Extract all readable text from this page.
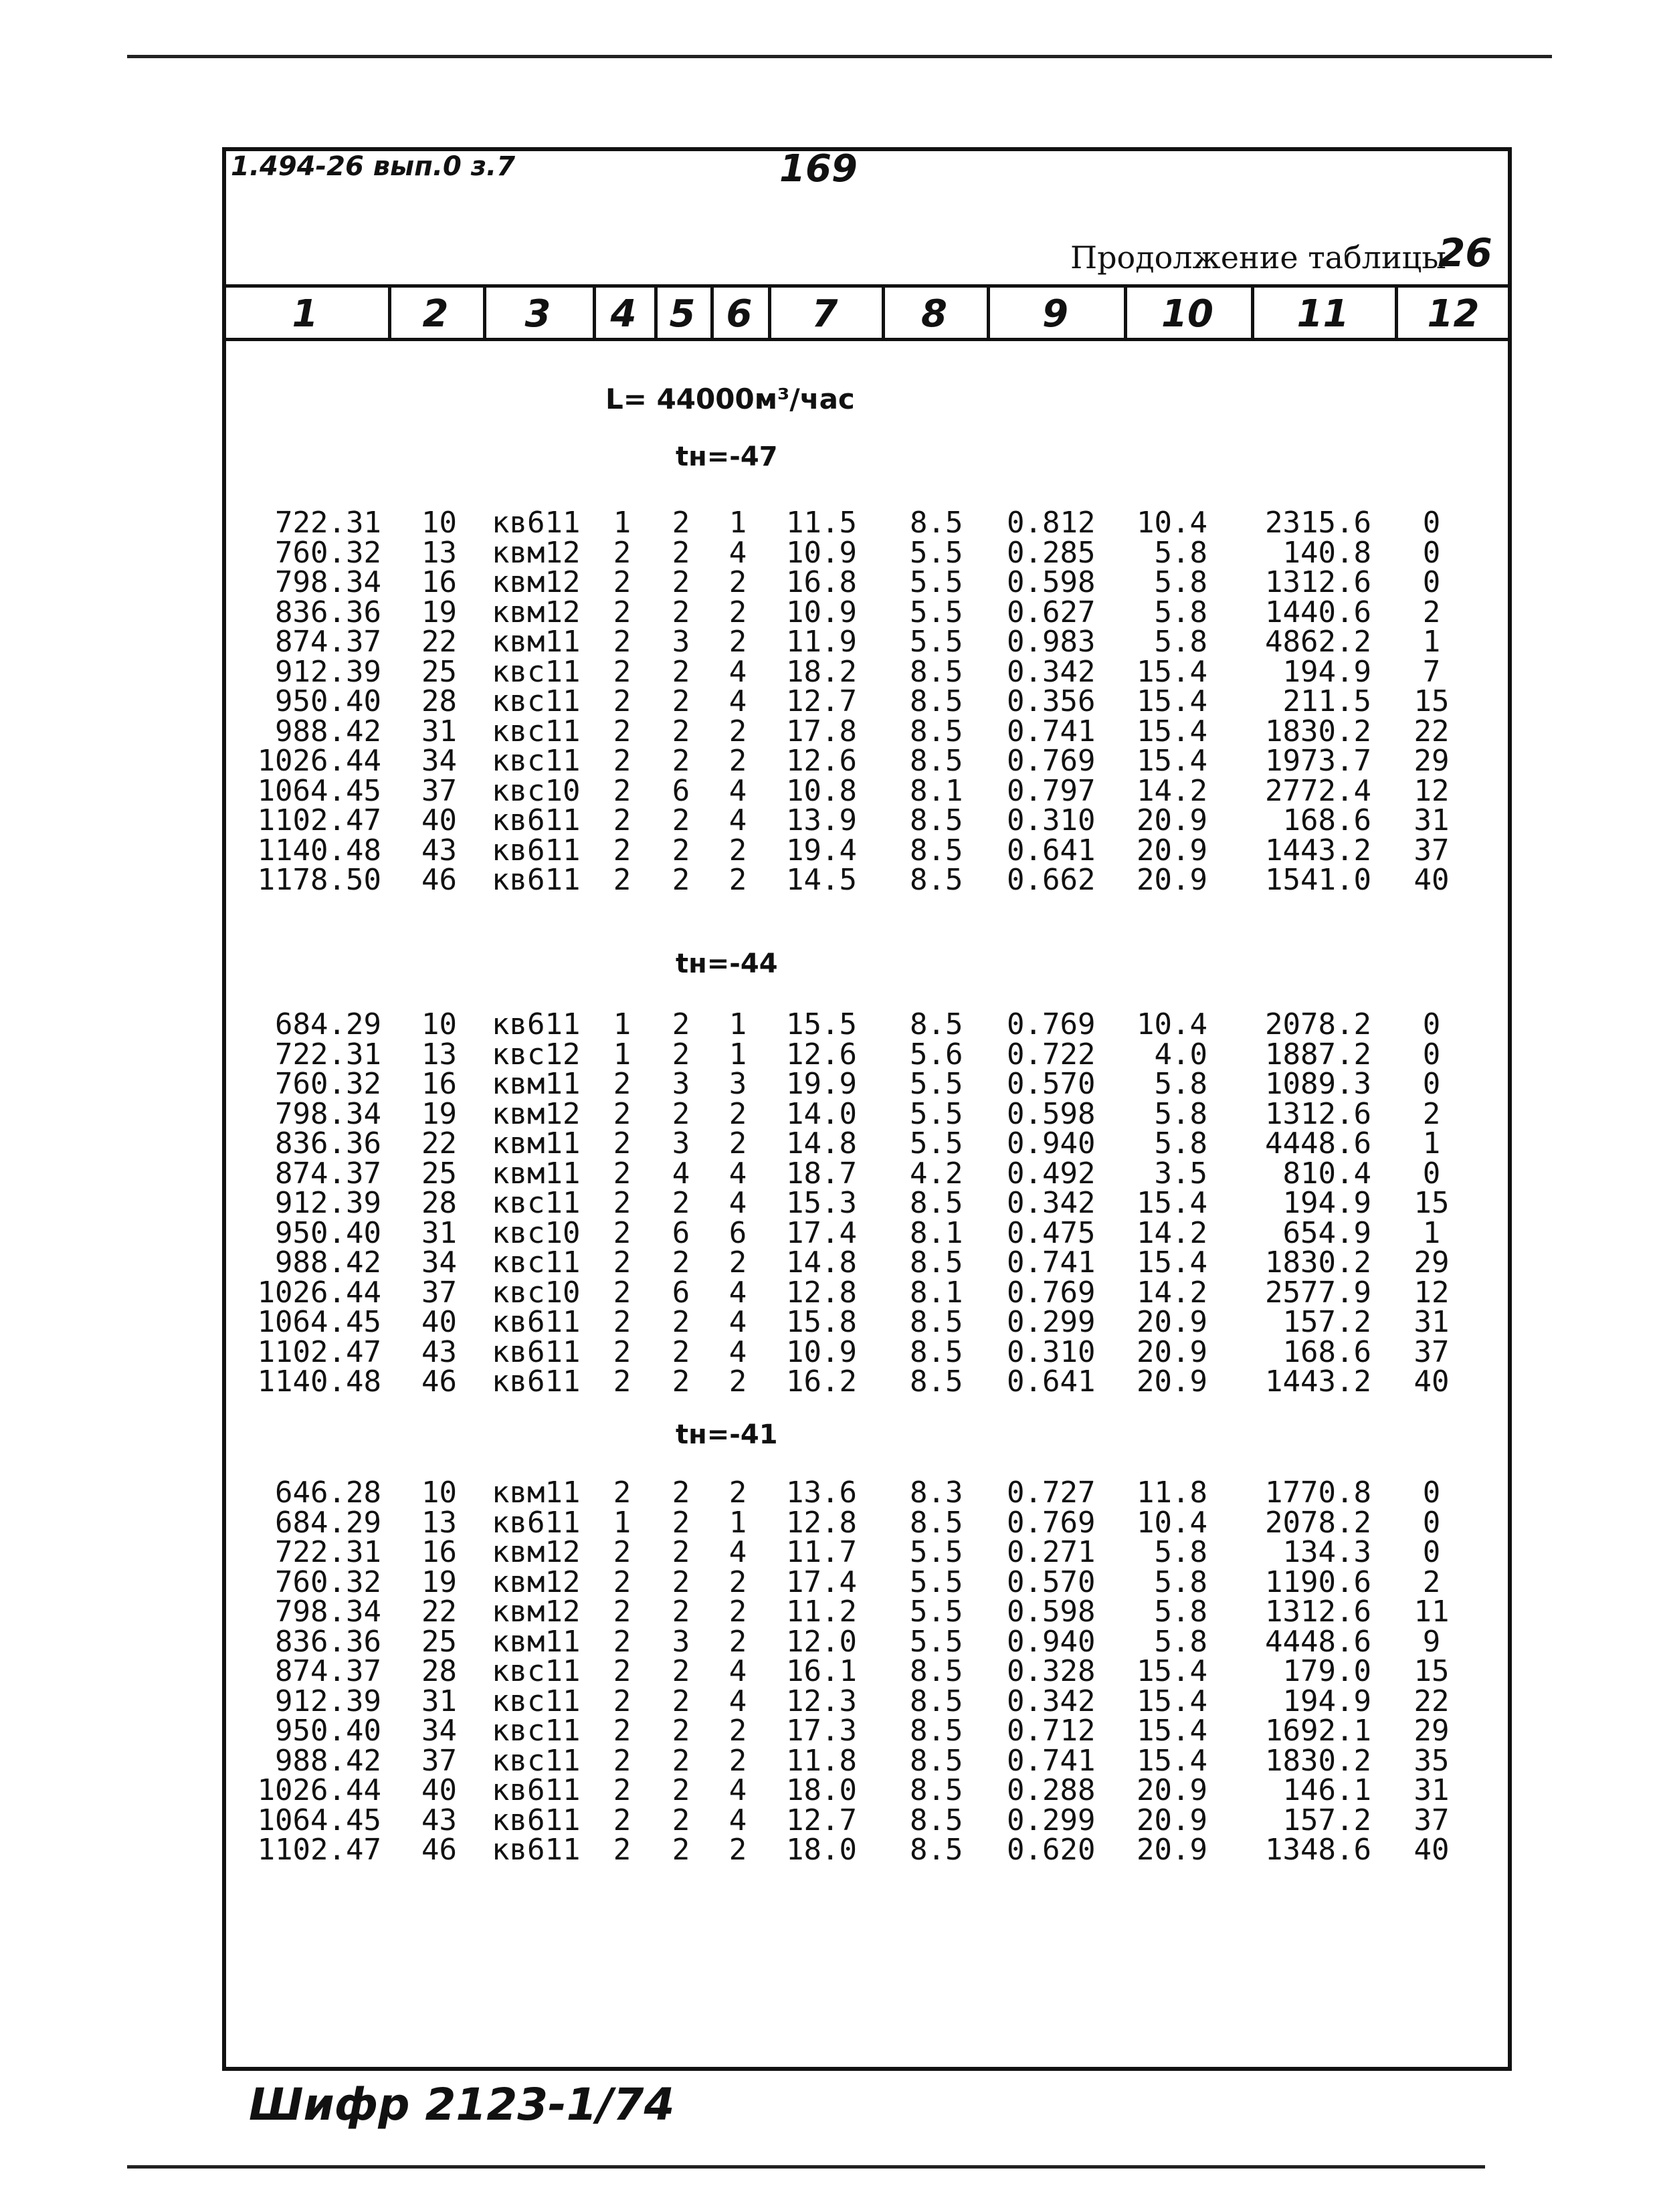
1.494-26 вып.0 з.7	169
Продолжение таблицы
26
1	2	3	4 5 6	7	8	9	10	11	12
L= 44000м³/час
tн=-47
722.31 10 кв611	1	2	1	11.5 8.5 0.812	10.4	2315.6	0
760.32 13 квм12	2	2	4	10.9 5.5 0.285	5.8	140.8	0
798.34 16 квм12	2	2	2	16.8 5.5 0.598	5.8	1312.6	0
836.36 19 квм12	2	2	2	10.9 5.5 0.627	5.8	1440.6	2
874.37 22 квм11	2	3	2	11.9 5.5 0.983	5.8	4862.2	1
912.39 25 квс11	2	2	4	18.2 8.5 0.342	15.4	194.9	7
950.40 28 квс11	2	2	4	12.7 8.5 0.356	15.4	211.5	15
988.42 31 квс11	2	2	2	17.8 8.5 0.741	15.4	1830.2	22
1026.44 34 квс11	2	2	2	12.6 8.5 0.769	15.4	1973.7	29
1064.45 37 квс10	2	6	4	10.8 8.1 0.797	14.2	2772.4	12
1102.47 40 кв611	2	2	4	13.9 8.5 0.310	20.9	168.6	31
1140.48 43 кв611	2	2	2	19.4 8.5 0.641	20.9	1443.2	37
1178.50 46 кв611	2	2	2	14.5 8.5 0.662	20.9	1541.0	40
tн=-44
684.29 10 кв611	1	2	1	15.5 8.5 0.769	10.4	2078.2	0
722.31 13 квс12	1	2	1	12.6 5.6 0.722	4.0	1887.2	0
760.32 16 квм11	2	3	3	19.9 5.5 0.570	5.8	1089.3	0
798.34 19 квм12	2	2	2	14.0 5.5 0.598	5.8	1312.6	2
836.36 22 квм11	2	3	2	14.8 5.5 0.940	5.8	4448.6	1
874.37 25 квм11	2	4	4	18.7 4.2 0.492	3.5	810.4	0
912.39 28 квс11	2	2	4	15.3 8.5 0.342	15.4	194.9	15
950.40 31 квс10	2	6	6	17.4 8.1 0.475	14.2	654.9	1
988.42 34 квс11	2	2	2	14.8 8.5 0.741	15.4	1830.2	29
1026.44 37 квс10	2	6	4	12.8 8.1 0.769	14.2	2577.9	12
1064.45 40 кв611	2	2	4	15.8 8.5 0.299	20.9	157.2	31
1102.47 43 кв611	2	2	4	10.9 8.5 0.310	20.9	168.6	37
1140.48 46 кв611	2	2	2	16.2 8.5 0.641	20.9	1443.2	40
tн=-41
646.28 10 квм11	2	2	2	13.6 8.3 0.727	11.8	1770.8	0
684.29 13 кв611	1	2	1	12.8 8.5 0.769	10.4	2078.2	0
722.31 16 квм12	2	2	4	11.7 5.5 0.271	5.8	134.3	0
760.32 19 квм12	2	2	2	17.4 5.5 0.570	5.8	1190.6	2
798.34 22 квм12	2	2	2	11.2 5.5 0.598	5.8	1312.6	11
836.36 25 квм11	2	3	2	12.0 5.5 0.940	5.8	4448.6	9
874.37 28 квс11	2	2	4	16.1 8.5 0.328	15.4	179.0	15
912.39 31 квс11	2	2	4	12.3 8.5 0.342	15.4	194.9	22
950.40 34 квс11	2	2	2	17.3 8.5 0.712	15.4	1692.1	29
988.42 37 квс11	2	2	2	11.8 8.5 0.741	15.4	1830.2	35
1026.44 40 кв611	2	2	4	18.0 8.5 0.288	20.9	146.1	31
1064.45 43 кв611	2	2	4	12.7 8.5 0.299	20.9	157.2	37
1102.47 46 кв611	2	2	2	18.0 8.5 0.620	20.9	1348.6	40
Шифр 2123-1/74
